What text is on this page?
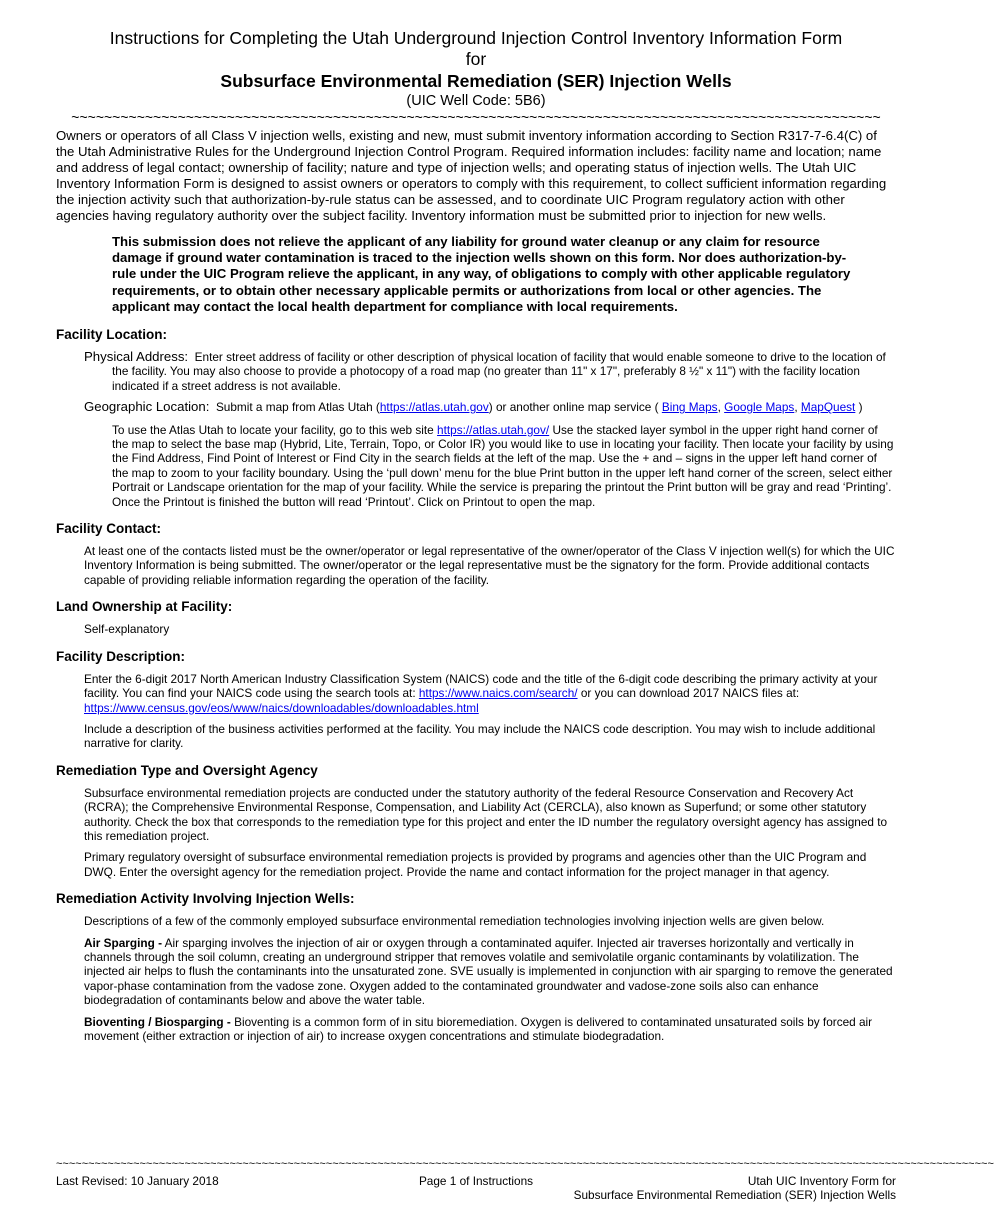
Instructions for Completing the Utah Underground Injection Control Inventory Information Form
for
Subsurface Environmental Remediation (SER) Injection Wells
(UIC Well Code: 5B6)
~~~~~~~~~~~~~~~~~~~~~~~~~~~~~~~~~~~~~~~~~~~~~~~~~~~~~~~~~~~~~~~~~~~~~~~~~~~~~~~~~~~~~~~~~~~~~~~~~~~
Owners or operators of all Class V injection wells, existing and new, must submit inventory information according to Section R317-7-6.4(C) of the Utah Administrative Rules for the Underground Injection Control Program. Required information includes: facility name and location; name and address of legal contact; ownership of facility; nature and type of injection wells; and operating status of injection wells. The Utah UIC Inventory Information Form is designed to assist owners or operators to comply with this requirement, to collect sufficient information regarding the injection activity such that authorization-by-rule status can be assessed, and to coordinate UIC Program regulatory action with other agencies having regulatory authority over the subject facility. Inventory information must be submitted prior to injection for new wells.
This submission does not relieve the applicant of any liability for ground water cleanup or any claim for resource damage if ground water contamination is traced to the injection wells shown on this form. Nor does authorization-by-rule under the UIC Program relieve the applicant, in any way, of obligations to comply with other applicable regulatory requirements, or to obtain other necessary applicable permits or authorizations from local or other agencies. The applicant may contact the local health department for compliance with local requirements.
Facility Location:
Physical Address: Enter street address of facility or other description of physical location of facility that would enable someone to drive to the location of the facility. You may also choose to provide a photocopy of a road map (no greater than 11" x 17", preferably 8 ½" x 11") with the facility location indicated if a street address is not available.
Geographic Location: Submit a map from Atlas Utah (https://atlas.utah.gov) or another online map service ( Bing Maps, Google Maps, MapQuest )
To use the Atlas Utah to locate your facility, go to this web site https://atlas.utah.gov/ Use the stacked layer symbol in the upper right hand corner of the map to select the base map (Hybrid, Lite, Terrain, Topo, or Color IR) you would like to use in locating your facility. Then locate your facility by using the Find Address, Find Point of Interest or Find City in the search fields at the left of the map. Use the + and – signs in the upper left hand corner of the map to zoom to your facility boundary. Using the ‘pull down’ menu for the blue Print button in the upper left hand corner of the screen, select either Portrait or Landscape orientation for the map of your facility. While the service is preparing the printout the Print button will be gray and read ‘Printing’. Once the Printout is finished the button will read ‘Printout’. Click on Printout to open the map.
Facility Contact:
At least one of the contacts listed must be the owner/operator or legal representative of the owner/operator of the Class V injection well(s) for which the UIC Inventory Information is being submitted. The owner/operator or the legal representative must be the signatory for the form. Provide additional contacts capable of providing reliable information regarding the operation of the facility.
Land Ownership at Facility:
Self-explanatory
Facility Description:
Enter the 6-digit 2017 North American Industry Classification System (NAICS) code and the title of the 6-digit code describing the primary activity at your facility. You can find your NAICS code using the search tools at: https://www.naics.com/search/ or you can download 2017 NAICS files at: https://www.census.gov/eos/www/naics/downloadables/downloadables.html
Include a description of the business activities performed at the facility. You may include the NAICS code description. You may wish to include additional narrative for clarity.
Remediation Type and Oversight Agency
Subsurface environmental remediation projects are conducted under the statutory authority of the federal Resource Conservation and Recovery Act (RCRA); the Comprehensive Environmental Response, Compensation, and Liability Act (CERCLA), also known as Superfund; or some other statutory authority. Check the box that corresponds to the remediation type for this project and enter the ID number the regulatory oversight agency has assigned to this remediation project.
Primary regulatory oversight of subsurface environmental remediation projects is provided by programs and agencies other than the UIC Program and DWQ. Enter the oversight agency for the remediation project. Provide the name and contact information for the project manager in that agency.
Remediation Activity Involving Injection Wells:
Descriptions of a few of the commonly employed subsurface environmental remediation technologies involving injection wells are given below.
Air Sparging - Air sparging involves the injection of air or oxygen through a contaminated aquifer. Injected air traverses horizontally and vertically in channels through the soil column, creating an underground stripper that removes volatile and semivolatile organic contaminants by volatilization. The injected air helps to flush the contaminants into the unsaturated zone. SVE usually is implemented in conjunction with air sparging to remove the generated vapor-phase contamination from the vadose zone. Oxygen added to the contaminated groundwater and vadose-zone soils also can enhance biodegradation of contaminants below and above the water table.
Bioventing / Biosparging - Bioventing is a common form of in situ bioremediation. Oxygen is delivered to contaminated unsaturated soils by forced air movement (either extraction or injection of air) to increase oxygen concentrations and stimulate biodegradation.
~~~~~~~~~~~~~~~~~~~~~~~~~~~~~~~~~~~~~~~~~~~~~~~~~~~~~~~~~~~~~~~~~~~~~~~~~~~~~~~~~~~~~~~~~~~~~~~~~~~~~~~~~~~~~~~~~~~~~~~~~~~~~~~~~~~~~~~~~~~~~~~~~~
Last Revised: 10 January 2018	Page 1 of Instructions	Utah UIC Inventory Form for
Subsurface Environmental Remediation (SER) Injection Wells
